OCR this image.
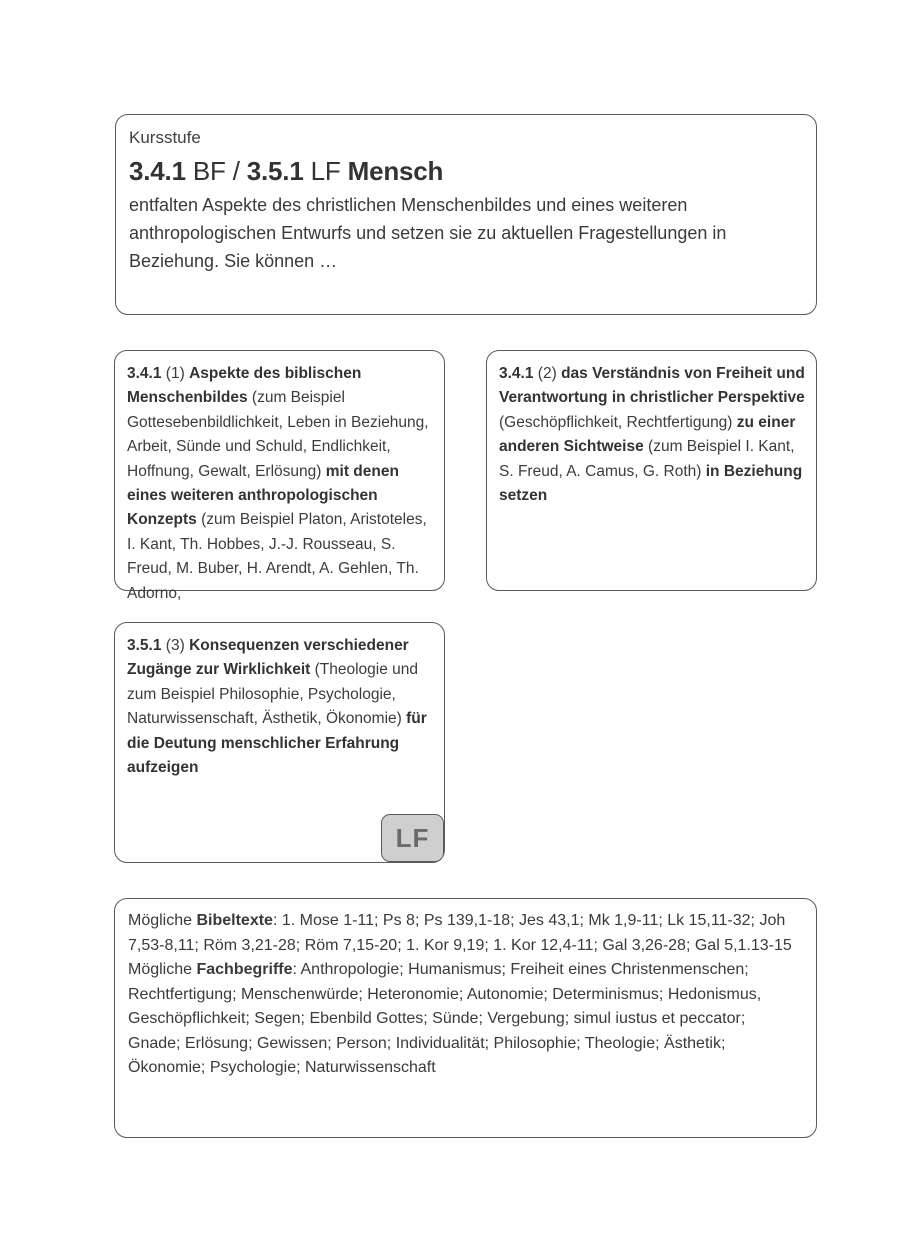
Kursstufe
3.4.1 BF / 3.5.1 LF Mensch
entfalten Aspekte des christlichen Menschenbildes und eines weiteren anthropologischen Entwurfs und setzen sie zu aktuellen Fragestellungen in Beziehung. Sie können …
3.4.1 (1) Aspekte des biblischen Menschenbildes (zum Beispiel Gottesebenbildlichkeit, Leben in Beziehung, Arbeit, Sünde und Schuld, Endlichkeit, Hoffnung, Gewalt, Erlösung) mit denen eines weiteren anthropologischen Konzepts (zum Beispiel Platon, Aristoteles, I. Kant, Th. Hobbes, J.-J. Rousseau, S. Freud, M. Buber, H. Arendt, A. Gehlen, Th. Adorno,
3.4.1 (2) das Verständnis von Freiheit und Verantwortung in christlicher Perspektive (Geschöpflichkeit, Rechtfertigung) zu einer anderen Sichtweise (zum Beispiel I. Kant, S. Freud, A. Camus, G. Roth) in Beziehung setzen
3.5.1 (3) Konsequenzen verschiedener Zugänge zur Wirklichkeit (Theologie und zum Beispiel Philosophie, Psychologie, Naturwissenschaft, Ästhetik, Ökonomie) für die Deutung menschlicher Erfahrung aufzeigen
LF
Mögliche Bibeltexte: 1. Mose 1-11; Ps 8; Ps 139,1-18; Jes 43,1; Mk 1,9-11; Lk 15,11-32; Joh 7,53-8,11; Röm 3,21-28; Röm 7,15-20; 1. Kor 9,19; 1. Kor 12,4-11; Gal 3,26-28; Gal 5,1.13-15
Mögliche Fachbegriffe: Anthropologie; Humanismus; Freiheit eines Christenmenschen; Rechtfertigung; Menschenwürde; Heteronomie; Autonomie; Determinismus; Hedonismus, Geschöpflichkeit; Segen; Ebenbild Gottes; Sünde; Vergebung; simul iustus et peccator; Gnade; Erlösung; Gewissen; Person; Individualität; Philosophie; Theologie; Ästhetik; Ökonomie; Psychologie; Naturwissenschaft
